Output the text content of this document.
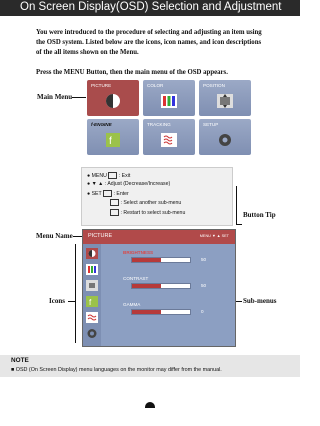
On Screen Display(OSD) Selection and Adjustment
You were introduced to the procedure of selecting and adjusting an item using the OSD system. Listed below are the icons, icon names, and icon descriptions of the all items shown on the Menu.
Press the MENU Button, then the main menu of the OSD appears.
Main Menu
PICTURE	COLOR	POSITION
f-ENGINE
f
TRACKING	SETUP
● MENU : Exit
● ▼ ▲ : Adjust (Decrease/Increase)
● SET : Enter
: Select another sub-menu
: Restart to select sub-menu	Button Tip
Menu Name
Icons	Sub-menus
PICTURE	MENU ▼ ▲ SET
f
BRIGHTNESS
50
CONTRAST
50
GAMMA
0
NOTE
■ OSD (On Screen Display) menu languages on the monitor may differ from the manual.
